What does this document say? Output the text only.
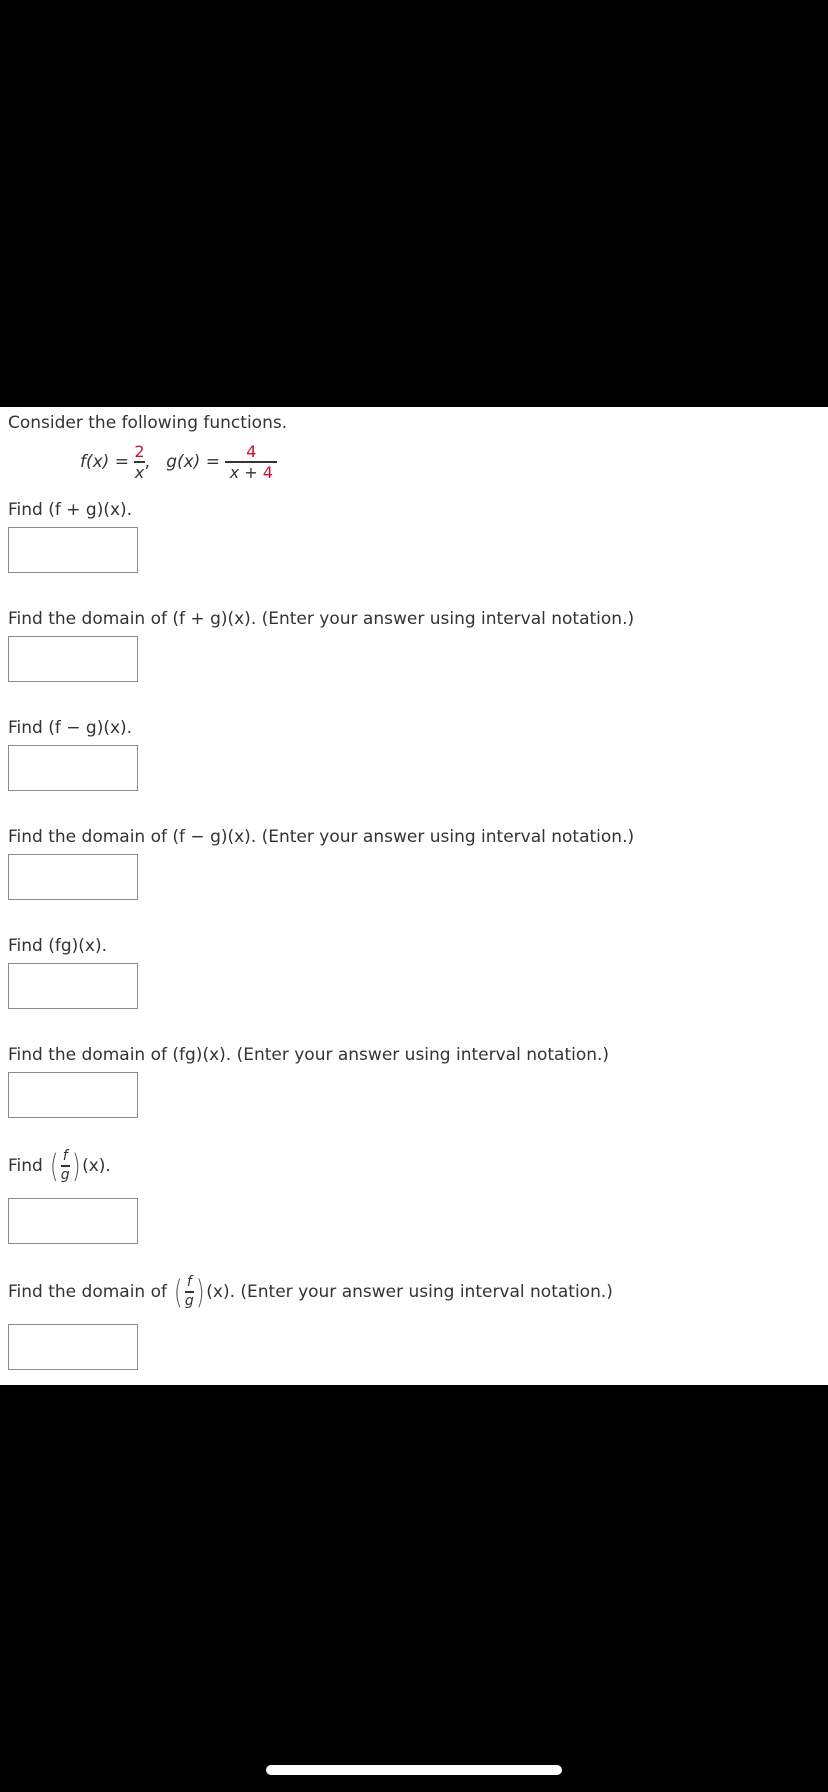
Consider the following functions.
$f(x) = \frac{2}{x}$ , $g(x) = \frac{4}{x + 4}$
Find (f + g)(x).
Find the domain of (f + g)(x). (Enter your answer using interval notation.)
Find (f − g)(x).
Find the domain of (f − g)(x). (Enter your answer using interval notation.)
Find (fg)(x).
Find the domain of (fg)(x). (Enter your answer using interval notation.)
Find ( $\frac{f}{g}$ ) (x).
Find the domain of ( $\frac{f}{g}$ ) (x). (Enter your answer using interval notation.)
